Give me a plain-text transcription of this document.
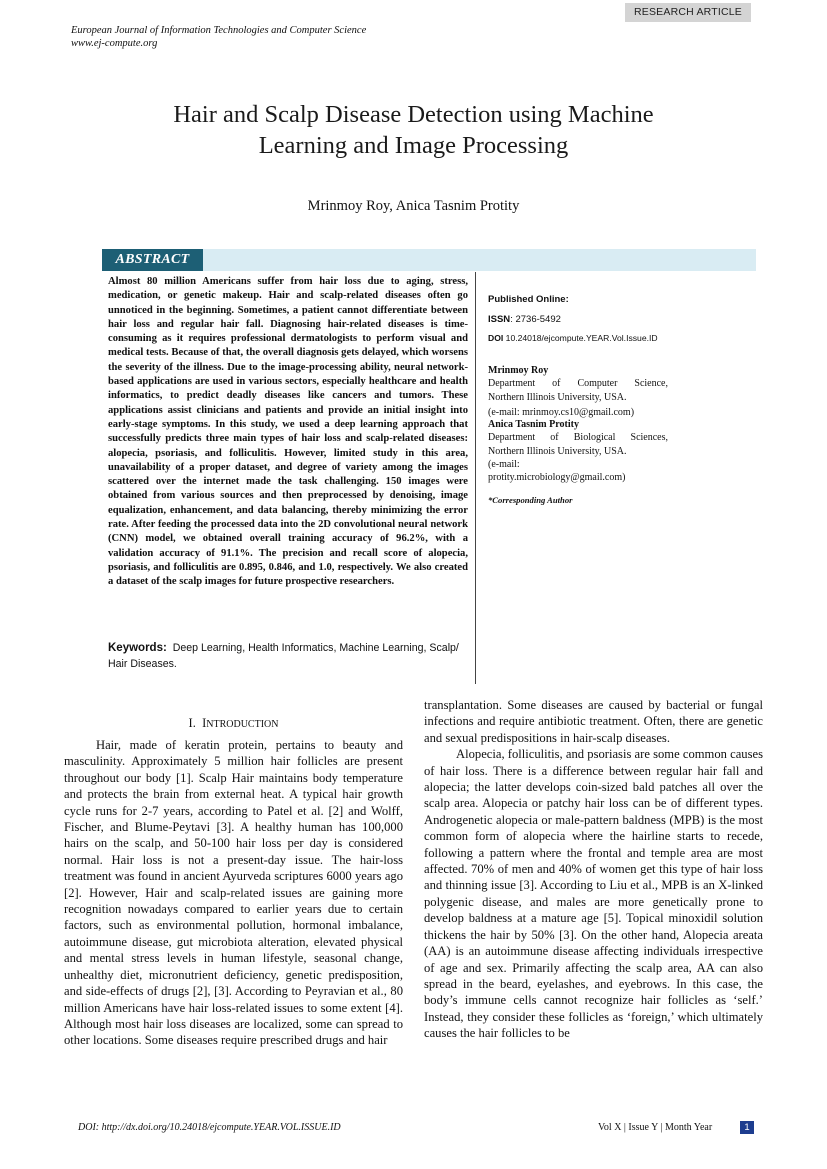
RESEARCH ARTICLE
European Journal of Information Technologies and Computer Science
www.ej-compute.org
Hair and Scalp Disease Detection using Machine
Learning and Image Processing
Mrinmoy Roy, Anica Tasnim Protity
ABSTRACT
Almost 80 million Americans suffer from hair loss due to aging, stress, medication, or genetic makeup. Hair and scalp-related diseases often go unnoticed in the beginning. Sometimes, a patient cannot differentiate between hair loss and regular hair fall. Diagnosing hair-related diseases is time-consuming as it requires professional dermatologists to perform visual and medical tests. Because of that, the overall diagnosis gets delayed, which worsens the severity of the illness. Due to the image-processing ability, neural network-based applications are used in various sectors, especially healthcare and health informatics, to predict deadly diseases like cancers and tumors. These applications assist clinicians and patients and provide an initial insight into early-stage symptoms. In this study, we used a deep learning approach that successfully predicts three main types of hair loss and scalp-related diseases: alopecia, psoriasis, and folliculitis. However, limited study in this area, unavailability of a proper dataset, and degree of variety among the images scattered over the internet made the task challenging. 150 images were obtained from various sources and then preprocessed by denoising, image equalization, enhancement, and data balancing, thereby minimizing the error rate. After feeding the processed data into the 2D convolutional neural network (CNN) model, we obtained overall training accuracy of 96.2%, with a validation accuracy of 91.1%. The precision and recall score of alopecia, psoriasis, and folliculitis are 0.895, 0.846, and 1.0, respectively. We also created a dataset of the scalp images for future prospective researchers.
Keywords: Deep Learning, Health Informatics, Machine Learning, Scalp/ Hair Diseases.
Published Online:
ISSN: 2736-5492
DOI 10.24018/ejcompute.YEAR.Vol.Issue.ID
Mrinmoy Roy
Department of Computer Science,
Northern Illinois University, USA.
(e-mail: mrinmoy.cs10@gmail.com)
Anica Tasnim Protity
Department of Biological Sciences,
Northern Illinois University, USA.
(e-mail:
protity.microbiology@gmail.com)
*Corresponding Author
I. INTRODUCTION

Hair, made of keratin protein, pertains to beauty and masculinity. Approximately 5 million hair follicles are present throughout our body [1]. Scalp Hair maintains body temperature and protects the brain from external heat. A typical hair growth cycle runs for 2-7 years, according to Patel et al. [2] and Wolff, Fischer, and Blume-Peytavi [3]. A healthy human has 100,000 hairs on the scalp, and 50-100 hair loss per day is considered normal. Hair loss is not a present-day issue. The hair-loss treatment was found in ancient Ayurveda scriptures 6000 years ago [2]. However, Hair and scalp-related issues are gaining more recognition nowadays compared to earlier years due to certain factors, such as environmental pollution, hormonal imbalance, autoimmune disease, gut microbiota alteration, elevated physical and mental stress levels in human lifestyle, seasonal change, unhealthy diet, micronutrient deficiency, genetic predisposition, and side-effects of drugs [2], [3]. According to Peyravian et al., 80 million Americans have hair loss-related issues to some extent [4]. Although most hair loss diseases are localized, some can spread to other locations. Some diseases require prescribed drugs and hair

transplantation. Some diseases are caused by bacterial or fungal infections and require antibiotic treatment. Often, there are genetic and sexual predispositions in hair-scalp diseases.

Alopecia, folliculitis, and psoriasis are some common causes of hair loss. There is a difference between regular hair fall and alopecia; the latter develops coin-sized bald patches all over the scalp area. Alopecia or patchy hair loss can be of different types. Androgenetic alopecia or male-pattern baldness (MPB) is the most common form of alopecia where the hairline starts to recede, following a pattern where the frontal and temple area are most affected. 70% of men and 40% of women get this type of hair loss and thinning issue [3]. According to Liu et al., MPB is an X-linked polygenic disease, and males are more genetically prone to develop baldness at a mature age [5]. Topical minoxidil solution thickens the hair by 50% [3]. On the other hand, Alopecia areata (AA) is an autoimmune disease affecting individuals irrespective of age and sex. Primarily affecting the scalp area, AA can also spread in the beard, eyelashes, and eyebrows. In this case, the body’s immune cells cannot recognize hair follicles as ‘self.’ Instead, they consider these follicles as ‘foreign,’ which ultimately causes the hair follicles to be

DOI: http://dx.doi.org/10.24018/ejcompute.YEAR.VOL.ISSUE.ID	Vol X | Issue Y | Month Year	1
